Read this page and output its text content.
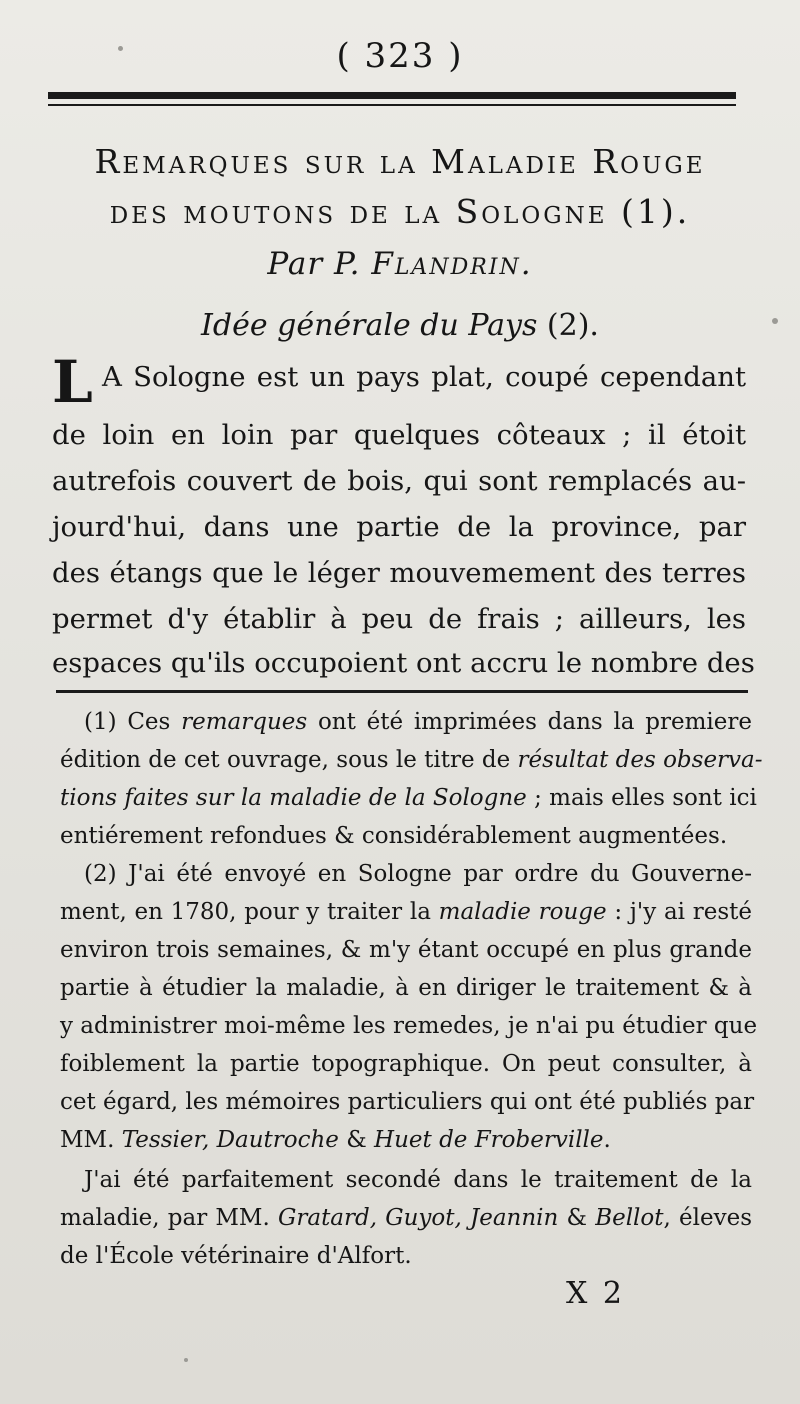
( 323 )
Remarques sur la Maladie Rouge
des moutons de la Sologne (1).
Par P. Flandrin.
Idée générale du Pays (2).
L A Sologne est un pays plat, coupé cependant
de loin en loin par quelques côteaux ; il étoit
autrefois couvert de bois, qui sont remplacés au-
jourd'hui, dans une partie de la province, par
des étangs que le léger mouvemement des terres
permet d'y établir à peu de frais ; ailleurs, les
espaces qu'ils occupoient ont accru le nombre des
(1) Ces remarques ont été imprimées dans la premiere
édition de cet ouvrage, sous le titre de résultat des observa-
tions faites sur la maladie de la Sologne ; mais elles sont ici
entiérement refondues & considérablement augmentées.
(2) J'ai été envoyé en Sologne par ordre du Gouverne-
ment, en 1780, pour y traiter la maladie rouge : j'y ai resté
environ trois semaines, & m'y étant occupé en plus grande
partie à étudier la maladie, à en diriger le traitement & à
y administrer moi-même les remedes, je n'ai pu étudier que
foiblement la partie topographique. On peut consulter, à
cet égard, les mémoires particuliers qui ont été publiés par
MM. Tessier, Dautroche & Huet de Froberville.
J'ai été parfaitement secondé dans le traitement de la
maladie, par MM. Gratard, Guyot, Jeannin & Bellot, éleves
de l'École vétérinaire d'Alfort.
X 2
